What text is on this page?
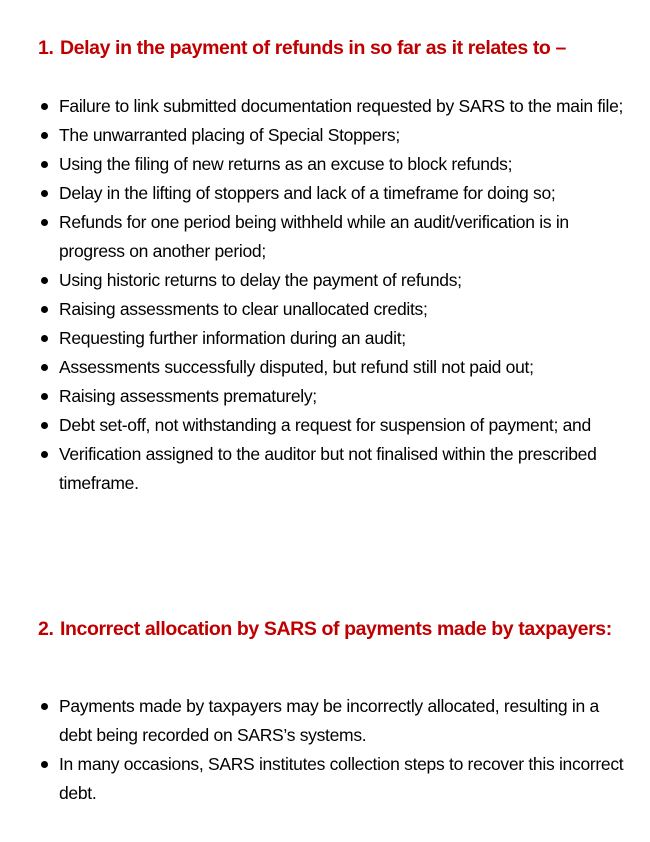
1. Delay in the payment of refunds in so far as it relates to –
Failure to link submitted documentation requested by SARS to the main file;
The unwarranted placing of Special Stoppers;
Using the filing of new returns as an excuse to block refunds;
Delay in the lifting of stoppers and lack of a timeframe for doing so;
Refunds for one period being withheld while an audit/verification is in progress on another period;
Using historic returns to delay the payment of refunds;
Raising assessments to clear unallocated credits;
Requesting further information during an audit;
Assessments successfully disputed, but refund still not paid out;
Raising assessments prematurely;
Debt set-off, not withstanding a request for suspension of payment; and
Verification assigned to the auditor but not finalised within the prescribed timeframe.
2. Incorrect allocation by SARS of payments made by taxpayers:
Payments made by taxpayers may be incorrectly allocated, resulting in a debt being recorded on SARS’s systems.
In many occasions, SARS institutes collection steps to recover this incorrect debt.
